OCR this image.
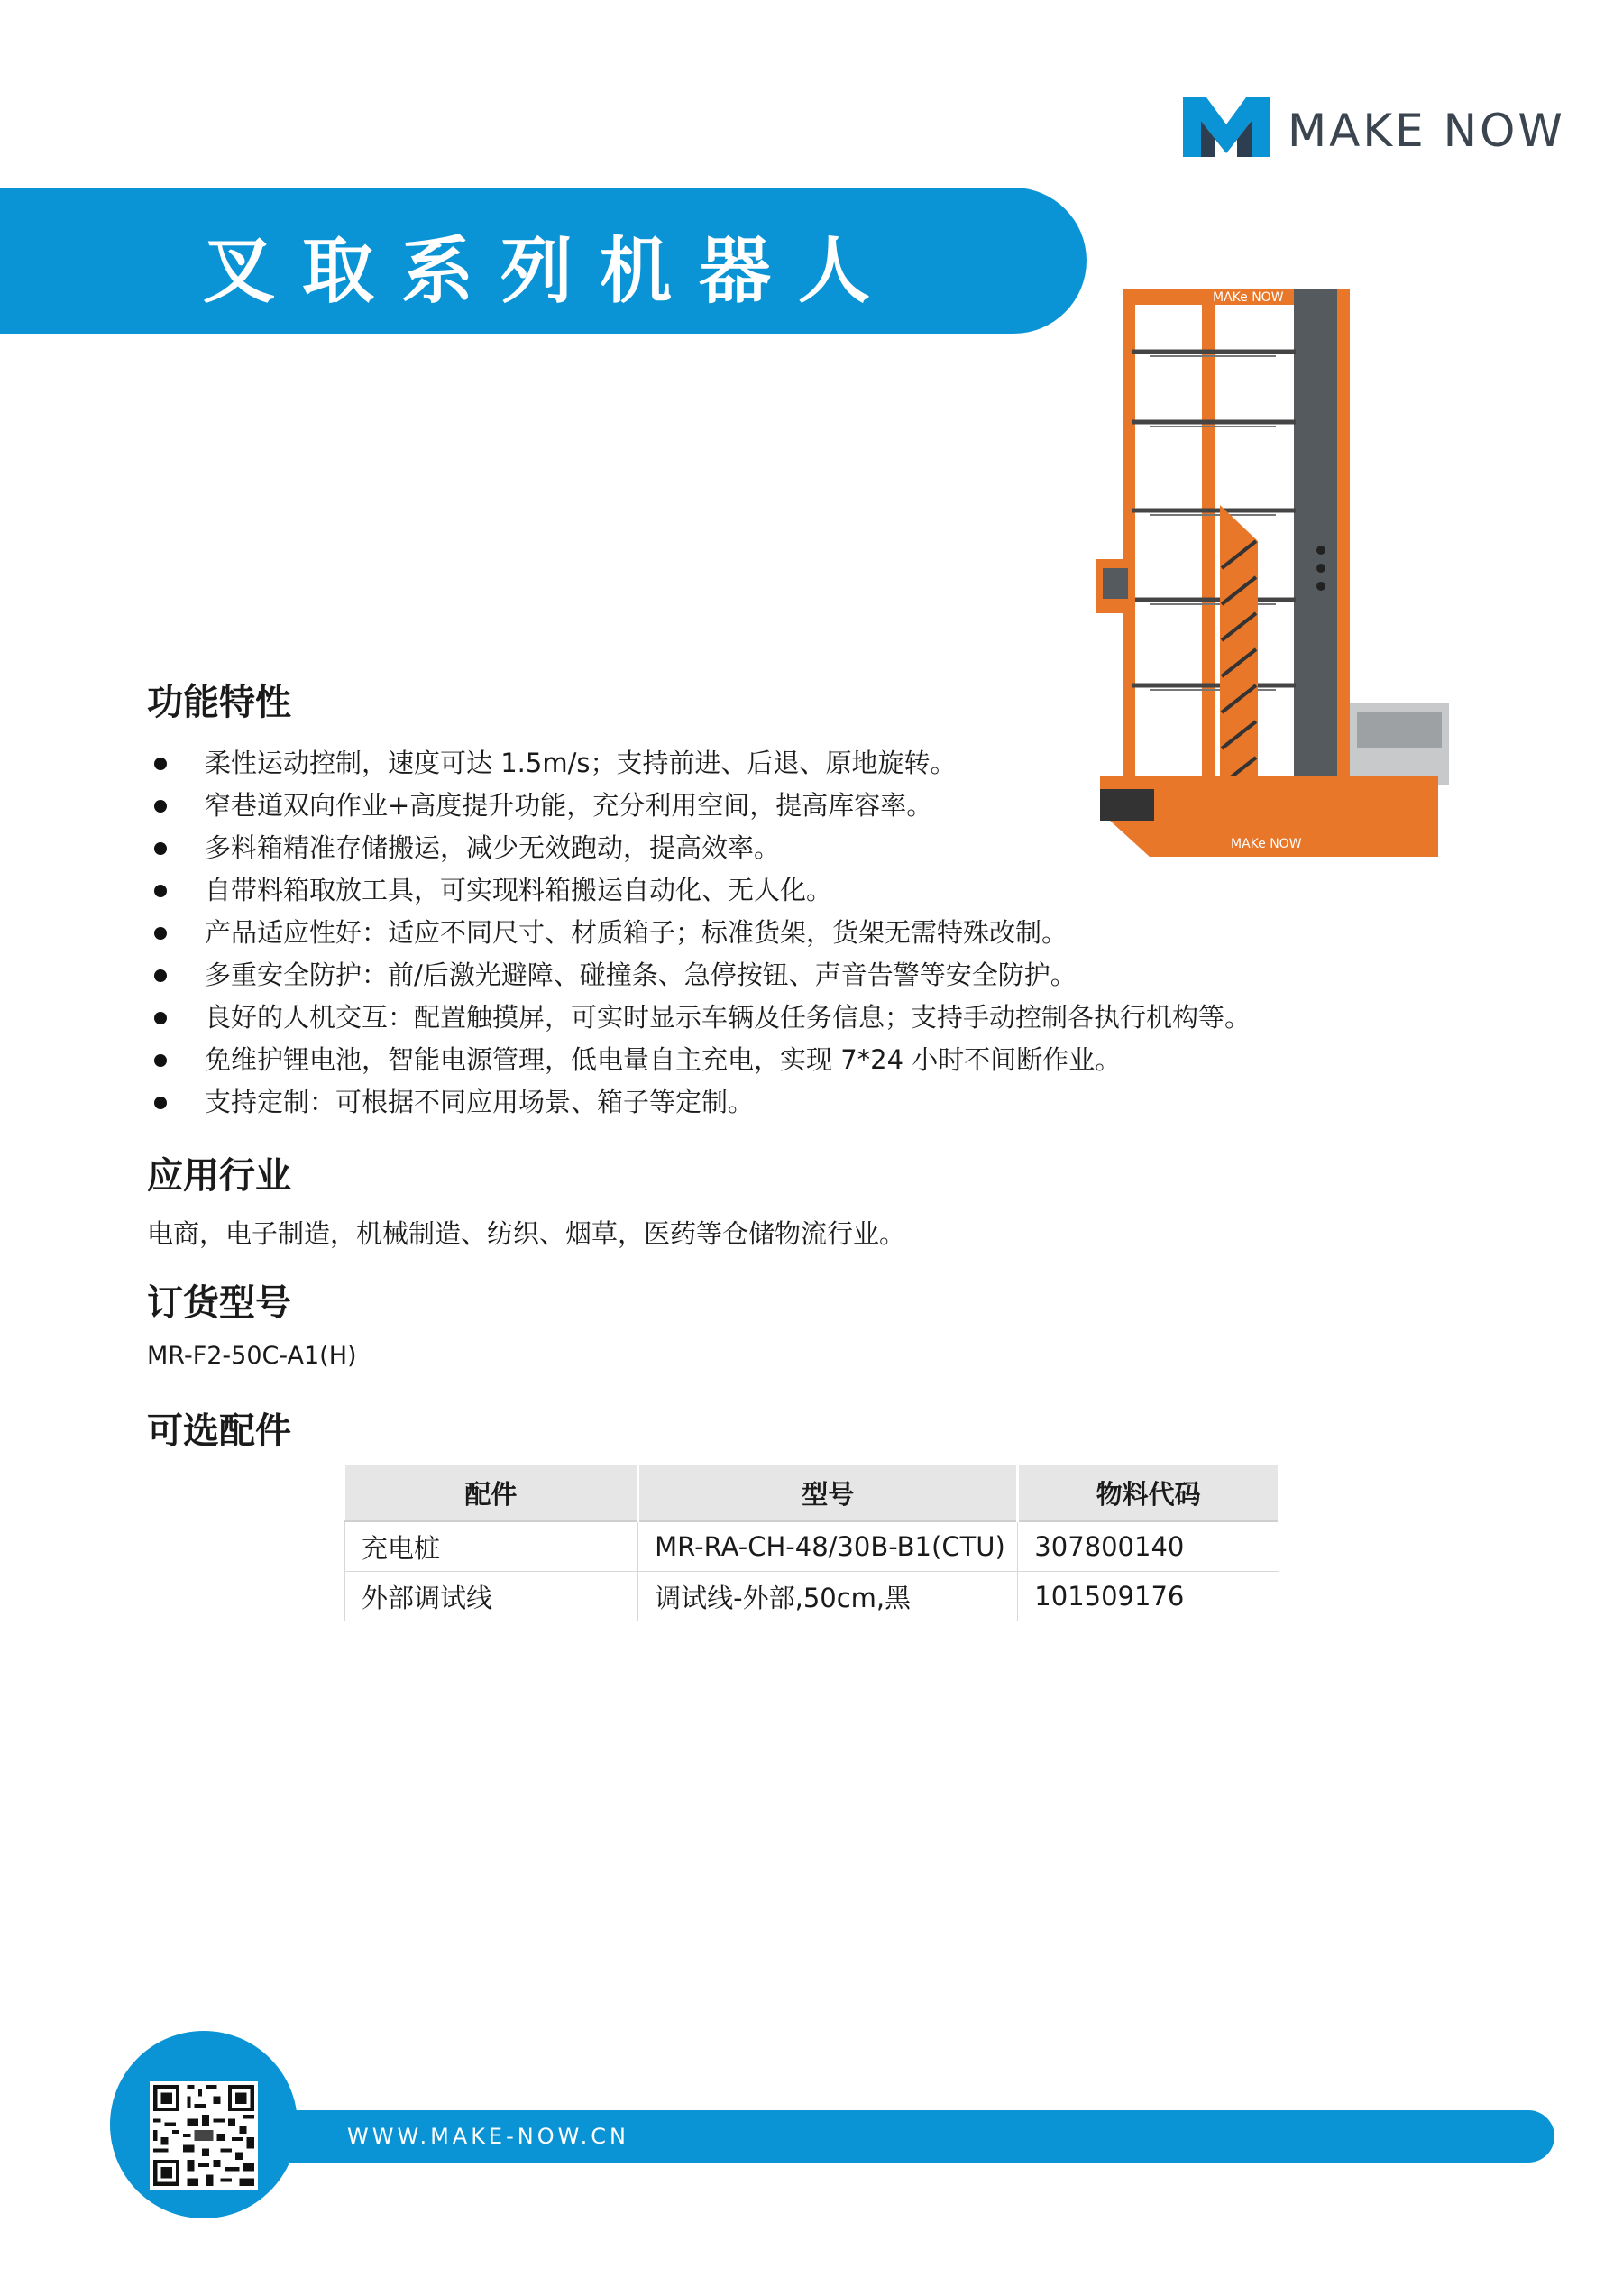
MAKE NOW
叉取系列机器人	MAKe NOW
MAKe NOW
功能特性
柔性运动控制，速度可达 1.5m/s；支持前进、后退、原地旋转。
窄巷道双向作业+高度提升功能，充分利用空间，提高库容率。
多料箱精准存储搬运，减少无效跑动，提高效率。
自带料箱取放工具，可实现料箱搬运自动化、无人化。
产品适应性好：适应不同尺寸、材质箱子；标准货架，货架无需特殊改制。
多重安全防护：前/后激光避障、碰撞条、急停按钮、声音告警等安全防护。
良好的人机交互：配置触摸屏，可实时显示车辆及任务信息；支持手动控制各执行机构等。
免维护锂电池，智能电源管理，低电量自主充电，实现 7*24 小时不间断作业。
支持定制：可根据不同应用场景、箱子等定制。
应用行业
电商，电子制造，机械制造、纺织、烟草，医药等仓储物流行业。
订货型号
MR-F2-50C-A1(H)
可选配件
配件	型号	物料代码
充电桩	MR-RA-CH-48/30B-B1(CTU)	307800140
外部调试线	调试线-外部,50cm,黑	101509176
WWW.MAKE-NOW.CN
